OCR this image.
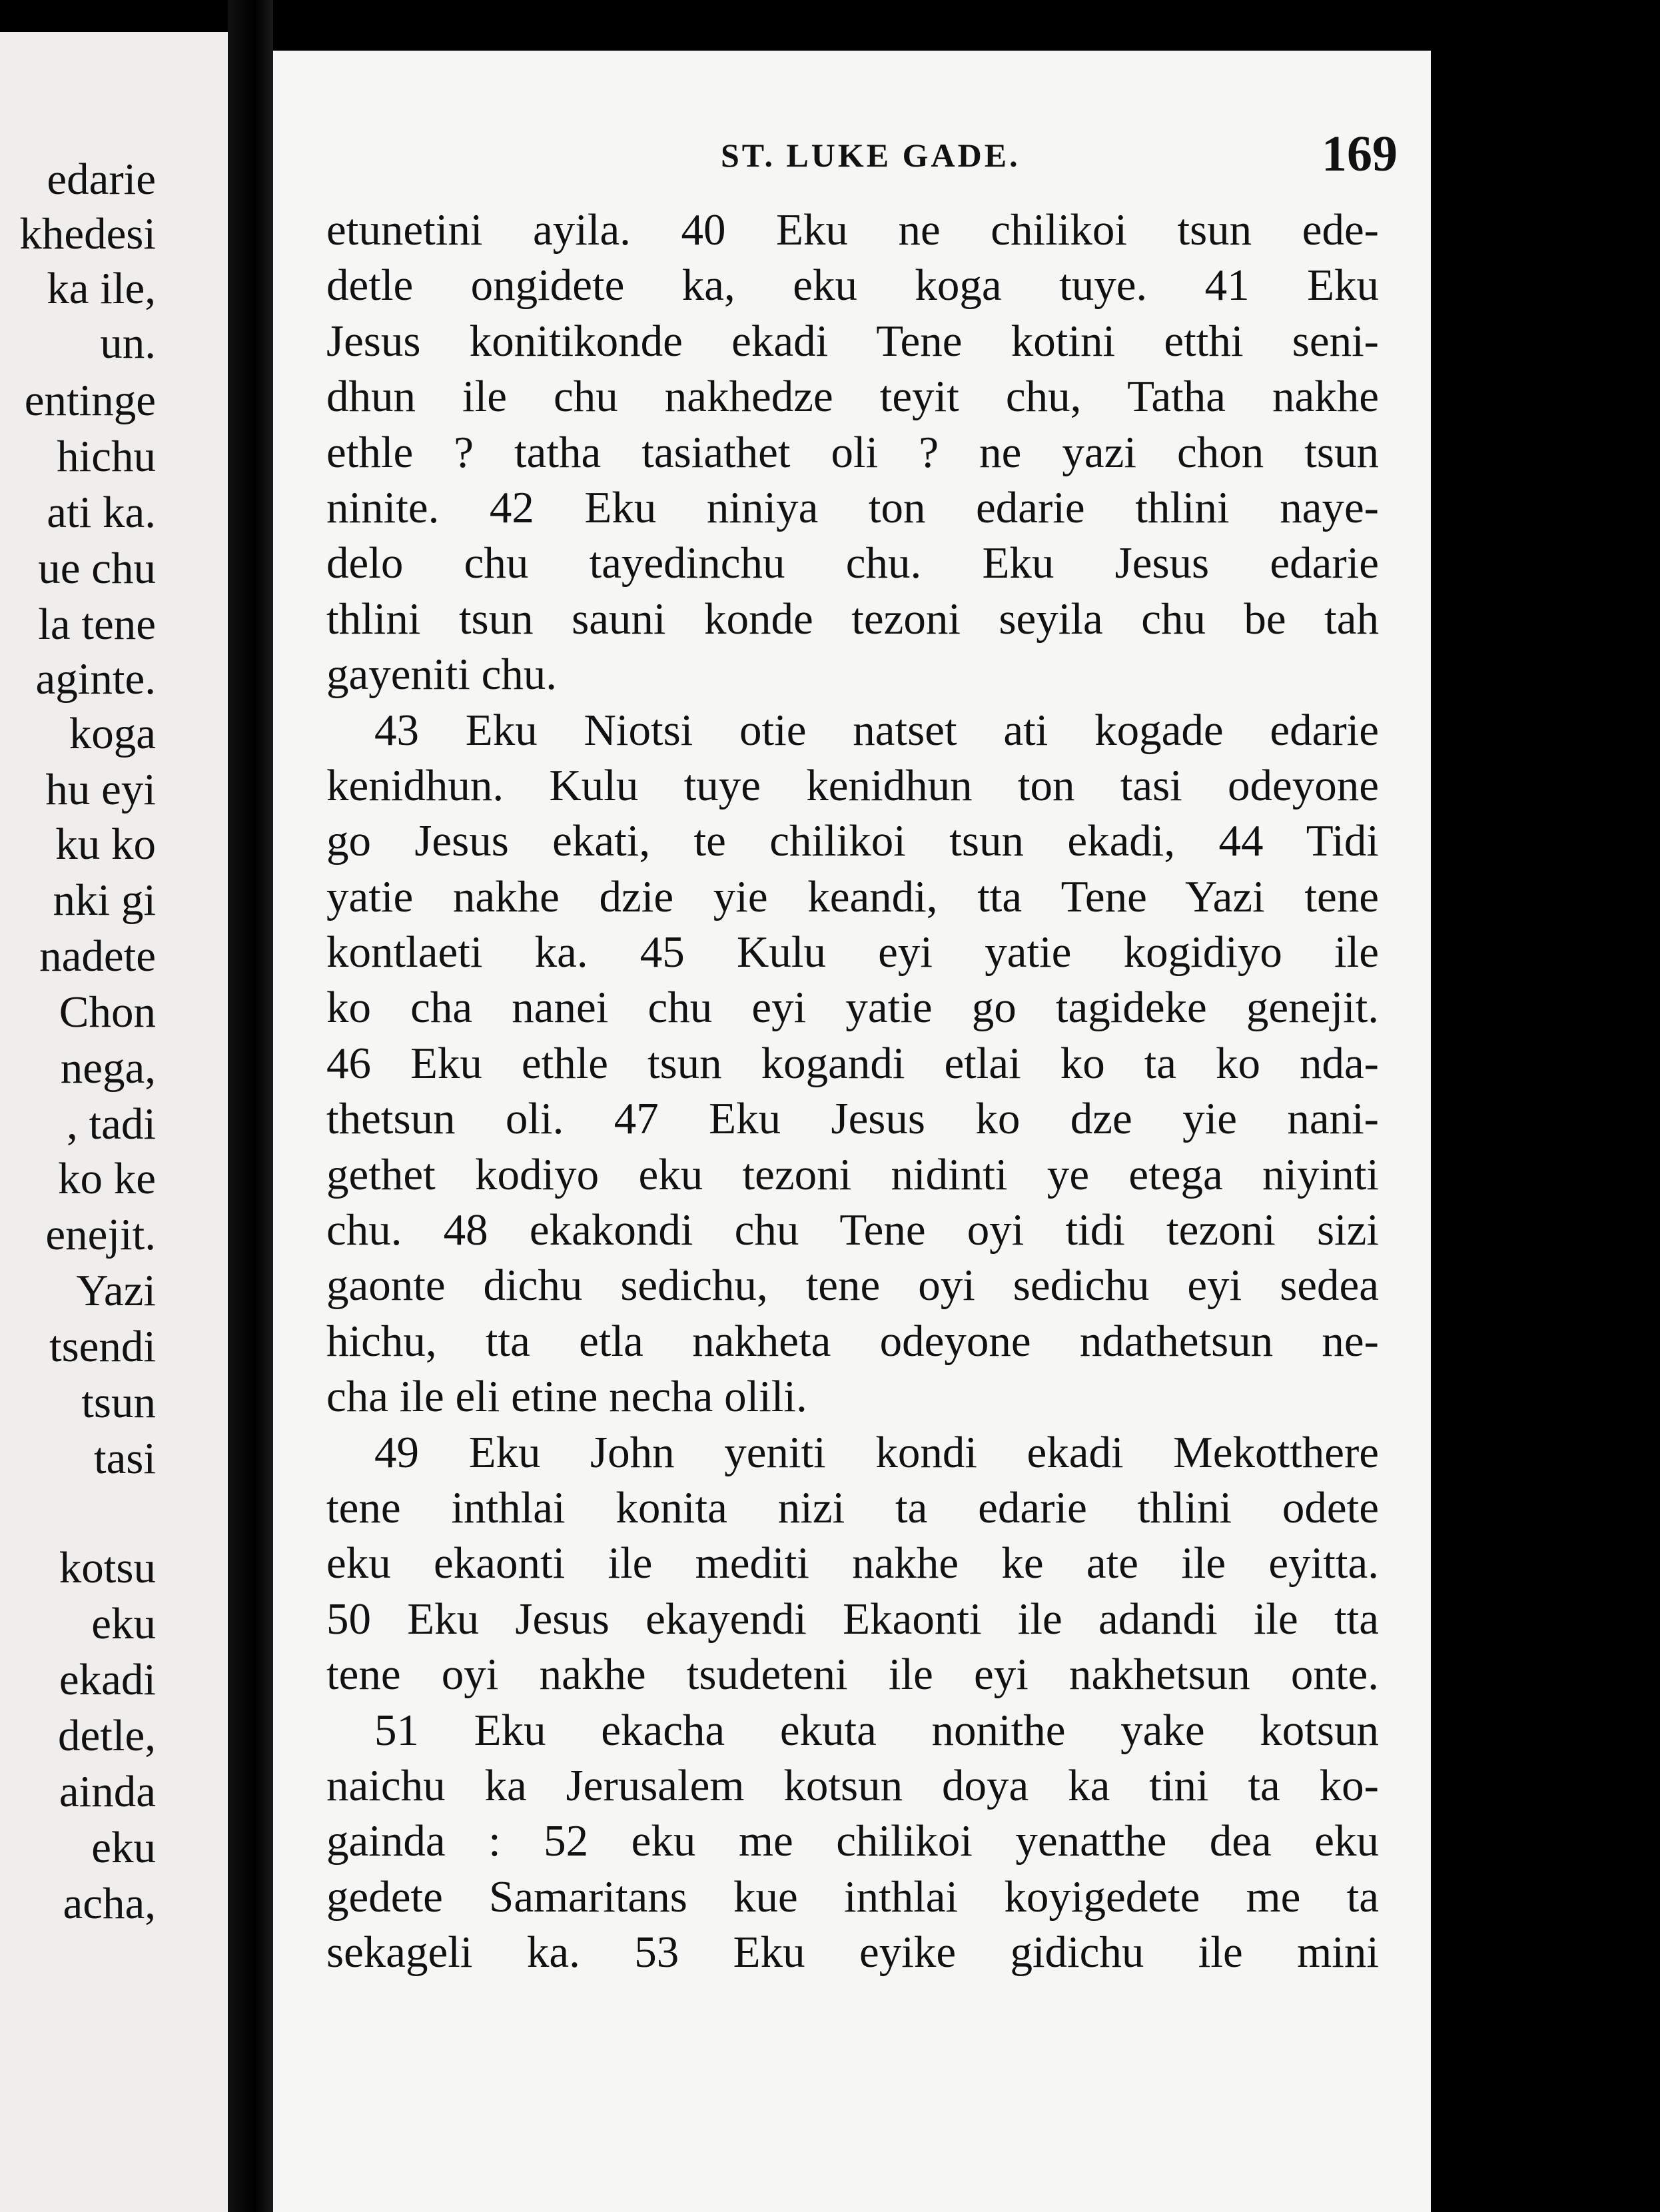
edarie
khedesi
ka ile,
un.
entinge
hichu
ati ka.
ue chu
la tene
aginte.
koga
hu eyi
ku ko
nki gi
nadete
Chon
nega,
, tadi
ko ke
enejit.
Yazi
tsendi
tsun
tasi
kotsu
eku
ekadi
detle,
ainda
eku
acha,
ST. LUKE GADE.	169
etunetini ayila. 40 Eku ne chilikoi tsun ede-
detle ongidete ka, eku koga tuye. 41 Eku
Jesus konitikonde ekadi Tene kotini etthi seni-
dhun ile chu nakhedze teyit chu, Tatha nakhe
ethle ? tatha tasiathet oli ? ne yazi chon tsun
ninite. 42 Eku niniya ton edarie thlini naye-
delo chu tayedinchu chu. Eku Jesus edarie
thlini tsun sauni konde tezoni seyila chu be tah
gayeniti chu.
43 Eku Niotsi otie natset ati kogade edarie
kenidhun. Kulu tuye kenidhun ton tasi odeyone
go Jesus ekati, te chilikoi tsun ekadi, 44 Tidi
yatie nakhe dzie yie keandi, tta Tene Yazi tene
kontlaeti ka. 45 Kulu eyi yatie kogidiyo ile
ko cha nanei chu eyi yatie go tagideke genejit.
46 Eku ethle tsun kogandi etlai ko ta ko nda-
thetsun oli. 47 Eku Jesus ko dze yie nani-
gethet kodiyo eku tezoni nidinti ye etega niyinti
chu. 48 ekakondi chu Tene oyi tidi tezoni sizi
gaonte dichu sedichu, tene oyi sedichu eyi sedea
hichu, tta etla nakheta odeyone ndathetsun ne-
cha ile eli etine necha olili.
49 Eku John yeniti kondi ekadi Mekotthere
tene inthlai konita nizi ta edarie thlini odete
eku ekaonti ile mediti nakhe ke ate ile eyitta.
50 Eku Jesus ekayendi Ekaonti ile adandi ile tta
tene oyi nakhe tsudeteni ile eyi nakhetsun onte.
51 Eku ekacha ekuta nonithe yake kotsun
naichu ka Jerusalem kotsun doya ka tini ta ko-
gainda : 52 eku me chilikoi yenatthe dea eku
gedete Samaritans kue inthlai koyigedete me ta
sekageli ka. 53 Eku eyike gidichu ile mini
